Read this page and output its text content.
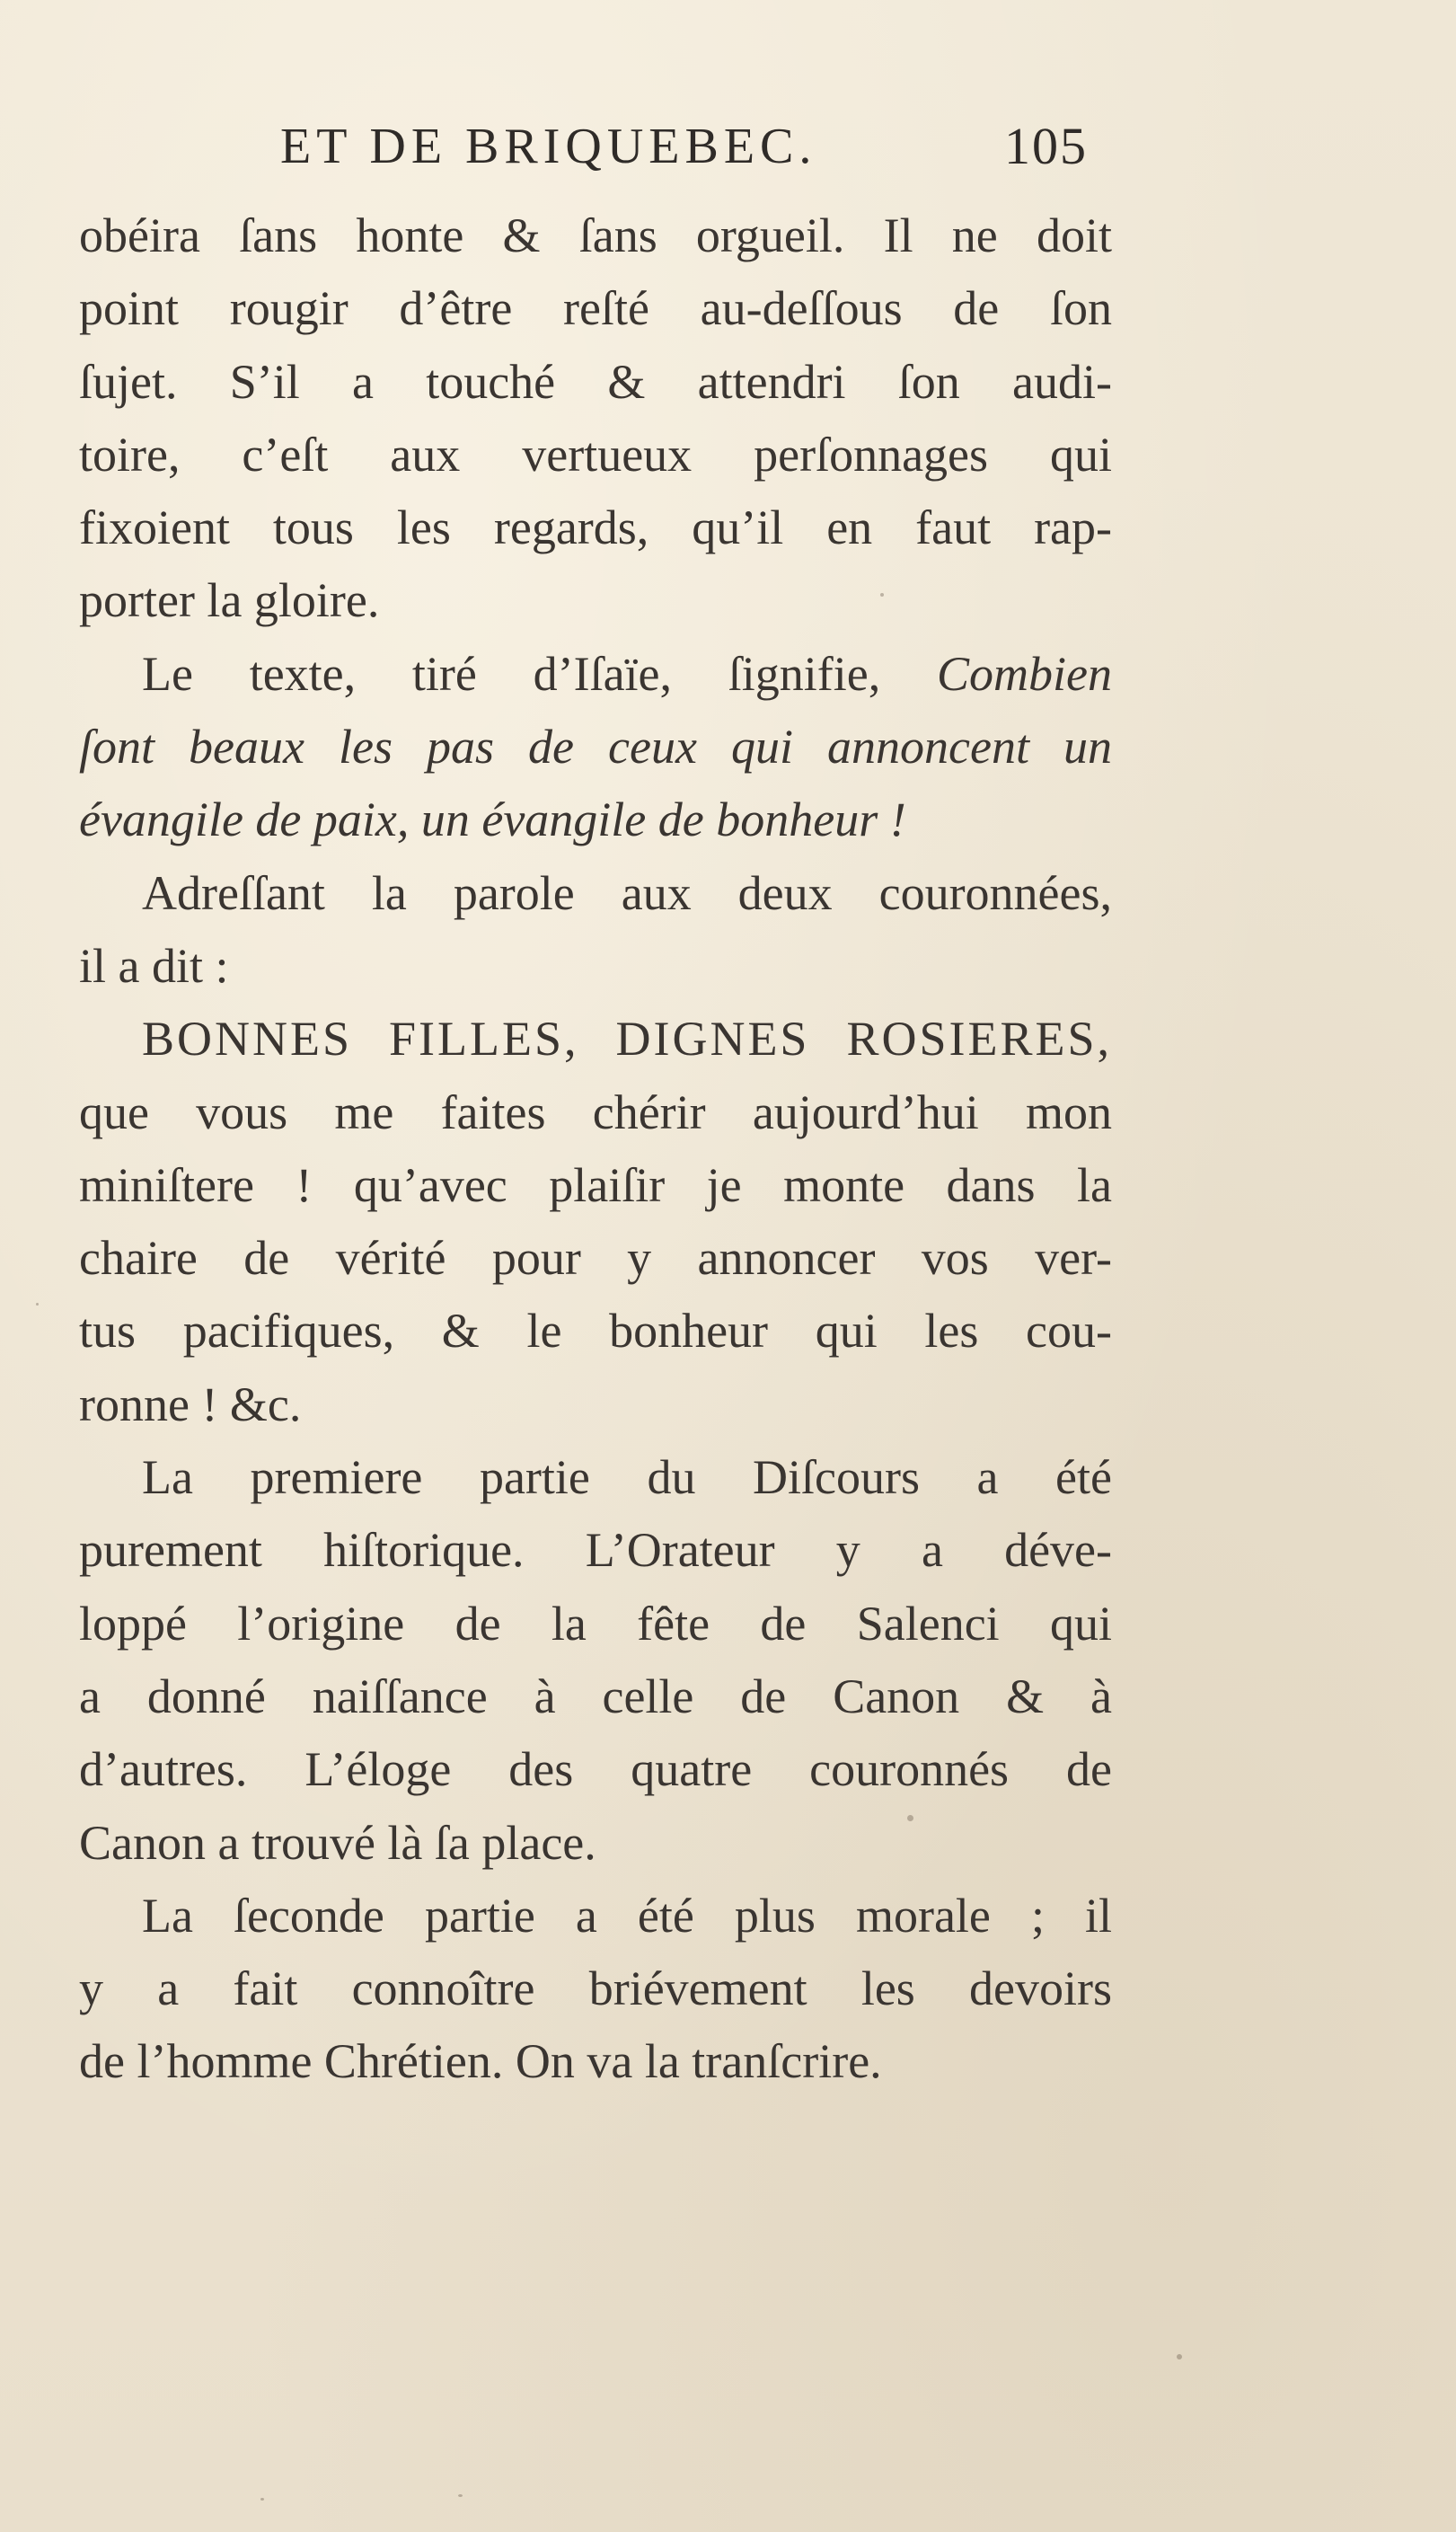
ET DE BRIQUEBEC.	105
obéira ſans honte & ſans orgueil. Il ne doit
point rougir d’être reſté au-deſſous de ſon
ſujet. S’il a touché & attendri ſon audi-
toire, c’eſt aux vertueux perſonnages qui
fixoient tous les regards, qu’il en faut rap-
porter la gloire.
Le texte, tiré d’Iſaïe, ſignifie, Combien
ſont beaux les pas de ceux qui annoncent un
évangile de paix, un évangile de bonheur !
Adreſſant la parole aux deux couronnées,
il a dit :
BONNES FILLES, DIGNES ROSIERES,
que vous me faites chérir aujourd’hui mon
miniſtere ! qu’avec plaiſir je monte dans la
chaire de vérité pour y annoncer vos ver-
tus pacifiques, & le bonheur qui les cou-
ronne ! &c.
La premiere partie du Diſcours a été
purement hiſtorique. L’Orateur y a déve-
loppé l’origine de la fête de Salenci qui
a donné naiſſance à celle de Canon & à
d’autres. L’éloge des quatre couronnés de
Canon a trouvé là ſa place.
La ſeconde partie a été plus morale ; il
y a fait connoître briévement les devoirs
de l’homme Chrétien. On va la tranſcrire.
